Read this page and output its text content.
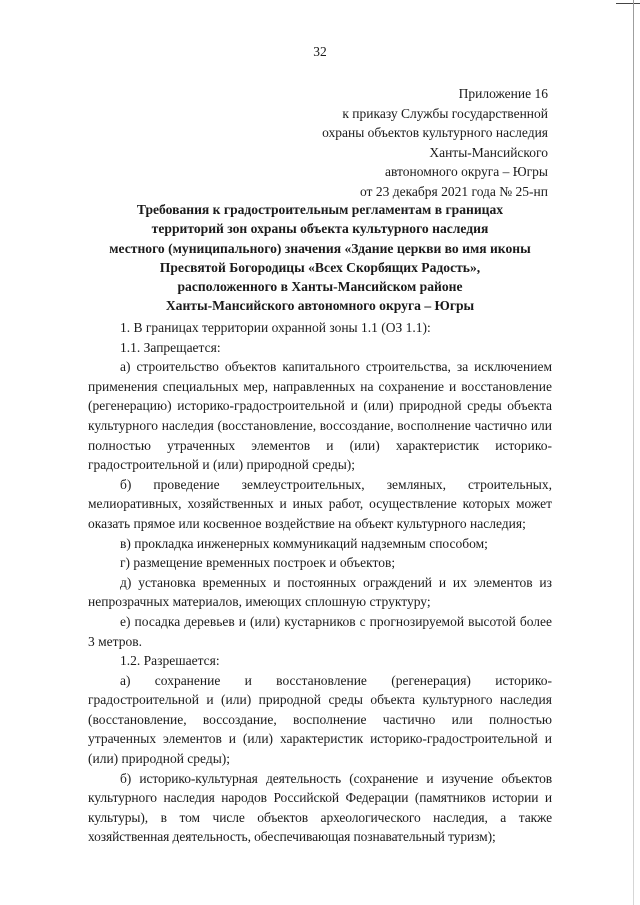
32
Приложение 16
к приказу Службы государственной
охраны объектов культурного наследия
Ханты-Мансийского
автономного округа – Югры
от 23 декабря 2021 года № 25-нп
Требования к градостроительным регламентам в границах
территорий зон охраны объекта культурного наследия
местного (муниципального) значения «Здание церкви во имя иконы
Пресвятой Богородицы «Всех Скорбящих Радость»,
расположенного в Ханты-Мансийском районе
Ханты-Мансийского автономного округа – Югры

1. В границах территории охранной зоны 1.1 (ОЗ 1.1):

1.1. Запрещается:

а) строительство объектов капитального строительства, за исключением применения специальных мер, направленных на сохранение и восстановление (регенерацию) историко-градостроительной и (или) природной среды объекта культурного наследия (восстановление, воссоздание, восполнение частично или полностью утраченных элементов и (или) характеристик историко-градостроительной и (или) природной среды);

б) проведение землеустроительных, земляных, строительных, мелиоративных, хозяйственных и иных работ, осуществление которых может оказать прямое или косвенное воздействие на объект культурного наследия;

в) прокладка инженерных коммуникаций надземным способом;

г) размещение временных построек и объектов;

д) установка временных и постоянных ограждений и их элементов из непрозрачных материалов, имеющих сплошную структуру;

е) посадка деревьев и (или) кустарников с прогнозируемой высотой более 3 метров.

1.2. Разрешается:

а) сохранение и восстановление (регенерация) историко-градостроительной и (или) природной среды объекта культурного наследия (восстановление, воссоздание, восполнение частично или полностью утраченных элементов и (или) характеристик историко-градостроительной и (или) природной среды);

б) историко-культурная деятельность (сохранение и изучение объектов культурного наследия народов Российской Федерации (памятников истории и культуры), в том числе объектов археологического наследия, а также хозяйственная деятельность, обеспечивающая познавательный туризм);
